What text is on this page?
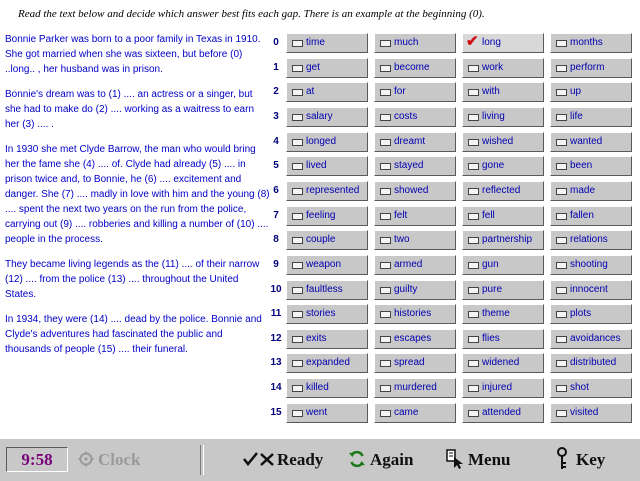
Read the text below and decide which answer best fits each gap. There is an example at the beginning (0).

Bonnie Parker was born to a poor family in Texas in 1910. She got married when she was sixteen, but before (0) ..long.. , her husband was in prison.

Bonnie's dream was to (1) .... an actress or a singer, but she had to make do (2) .... working as a waitress to earn her (3) .... .

In 1930 she met Clyde Barrow, the man who would bring her the fame she (4) .... of. Clyde had already (5) .... in prison twice and, to Bonnie, he (6) .... excitement and danger. She (7) .... madly in love with him and the young (8) .... spent the next two years on the run from the police, carrying out (9) .... robberies and killing a number of (10) .... people in the process.

They became living legends as the (11) .... of their narrow (12) .... from the police (13) .... throughout the United States.

In 1934, they were (14) .... dead by the police. Bonnie and Clyde's adventures had fascinated the public and thousands of people (15) .... their funeral.

0	time	much	✔ long	months
1	get	become	work	perform
2	at	for	with	up
3	salary	costs	living	life
4	longed	dreamt	wished	wanted
5	lived	stayed	gone	been
6	represented	showed	reflected	made
7	feeling	felt	fell	fallen
8	couple	two	partnership	relations
9	weapon	armed	gun	shooting
10	faultless	guilty	pure	innocent
11	stories	histories	theme	plots
12	exits	escapes	flies	avoidances
13	expanded	spread	widened	distributed
14	killed	murdered	injured	shot
15	went	came	attended	visited
9:58	Clock	Ready	Again	Menu	Key
